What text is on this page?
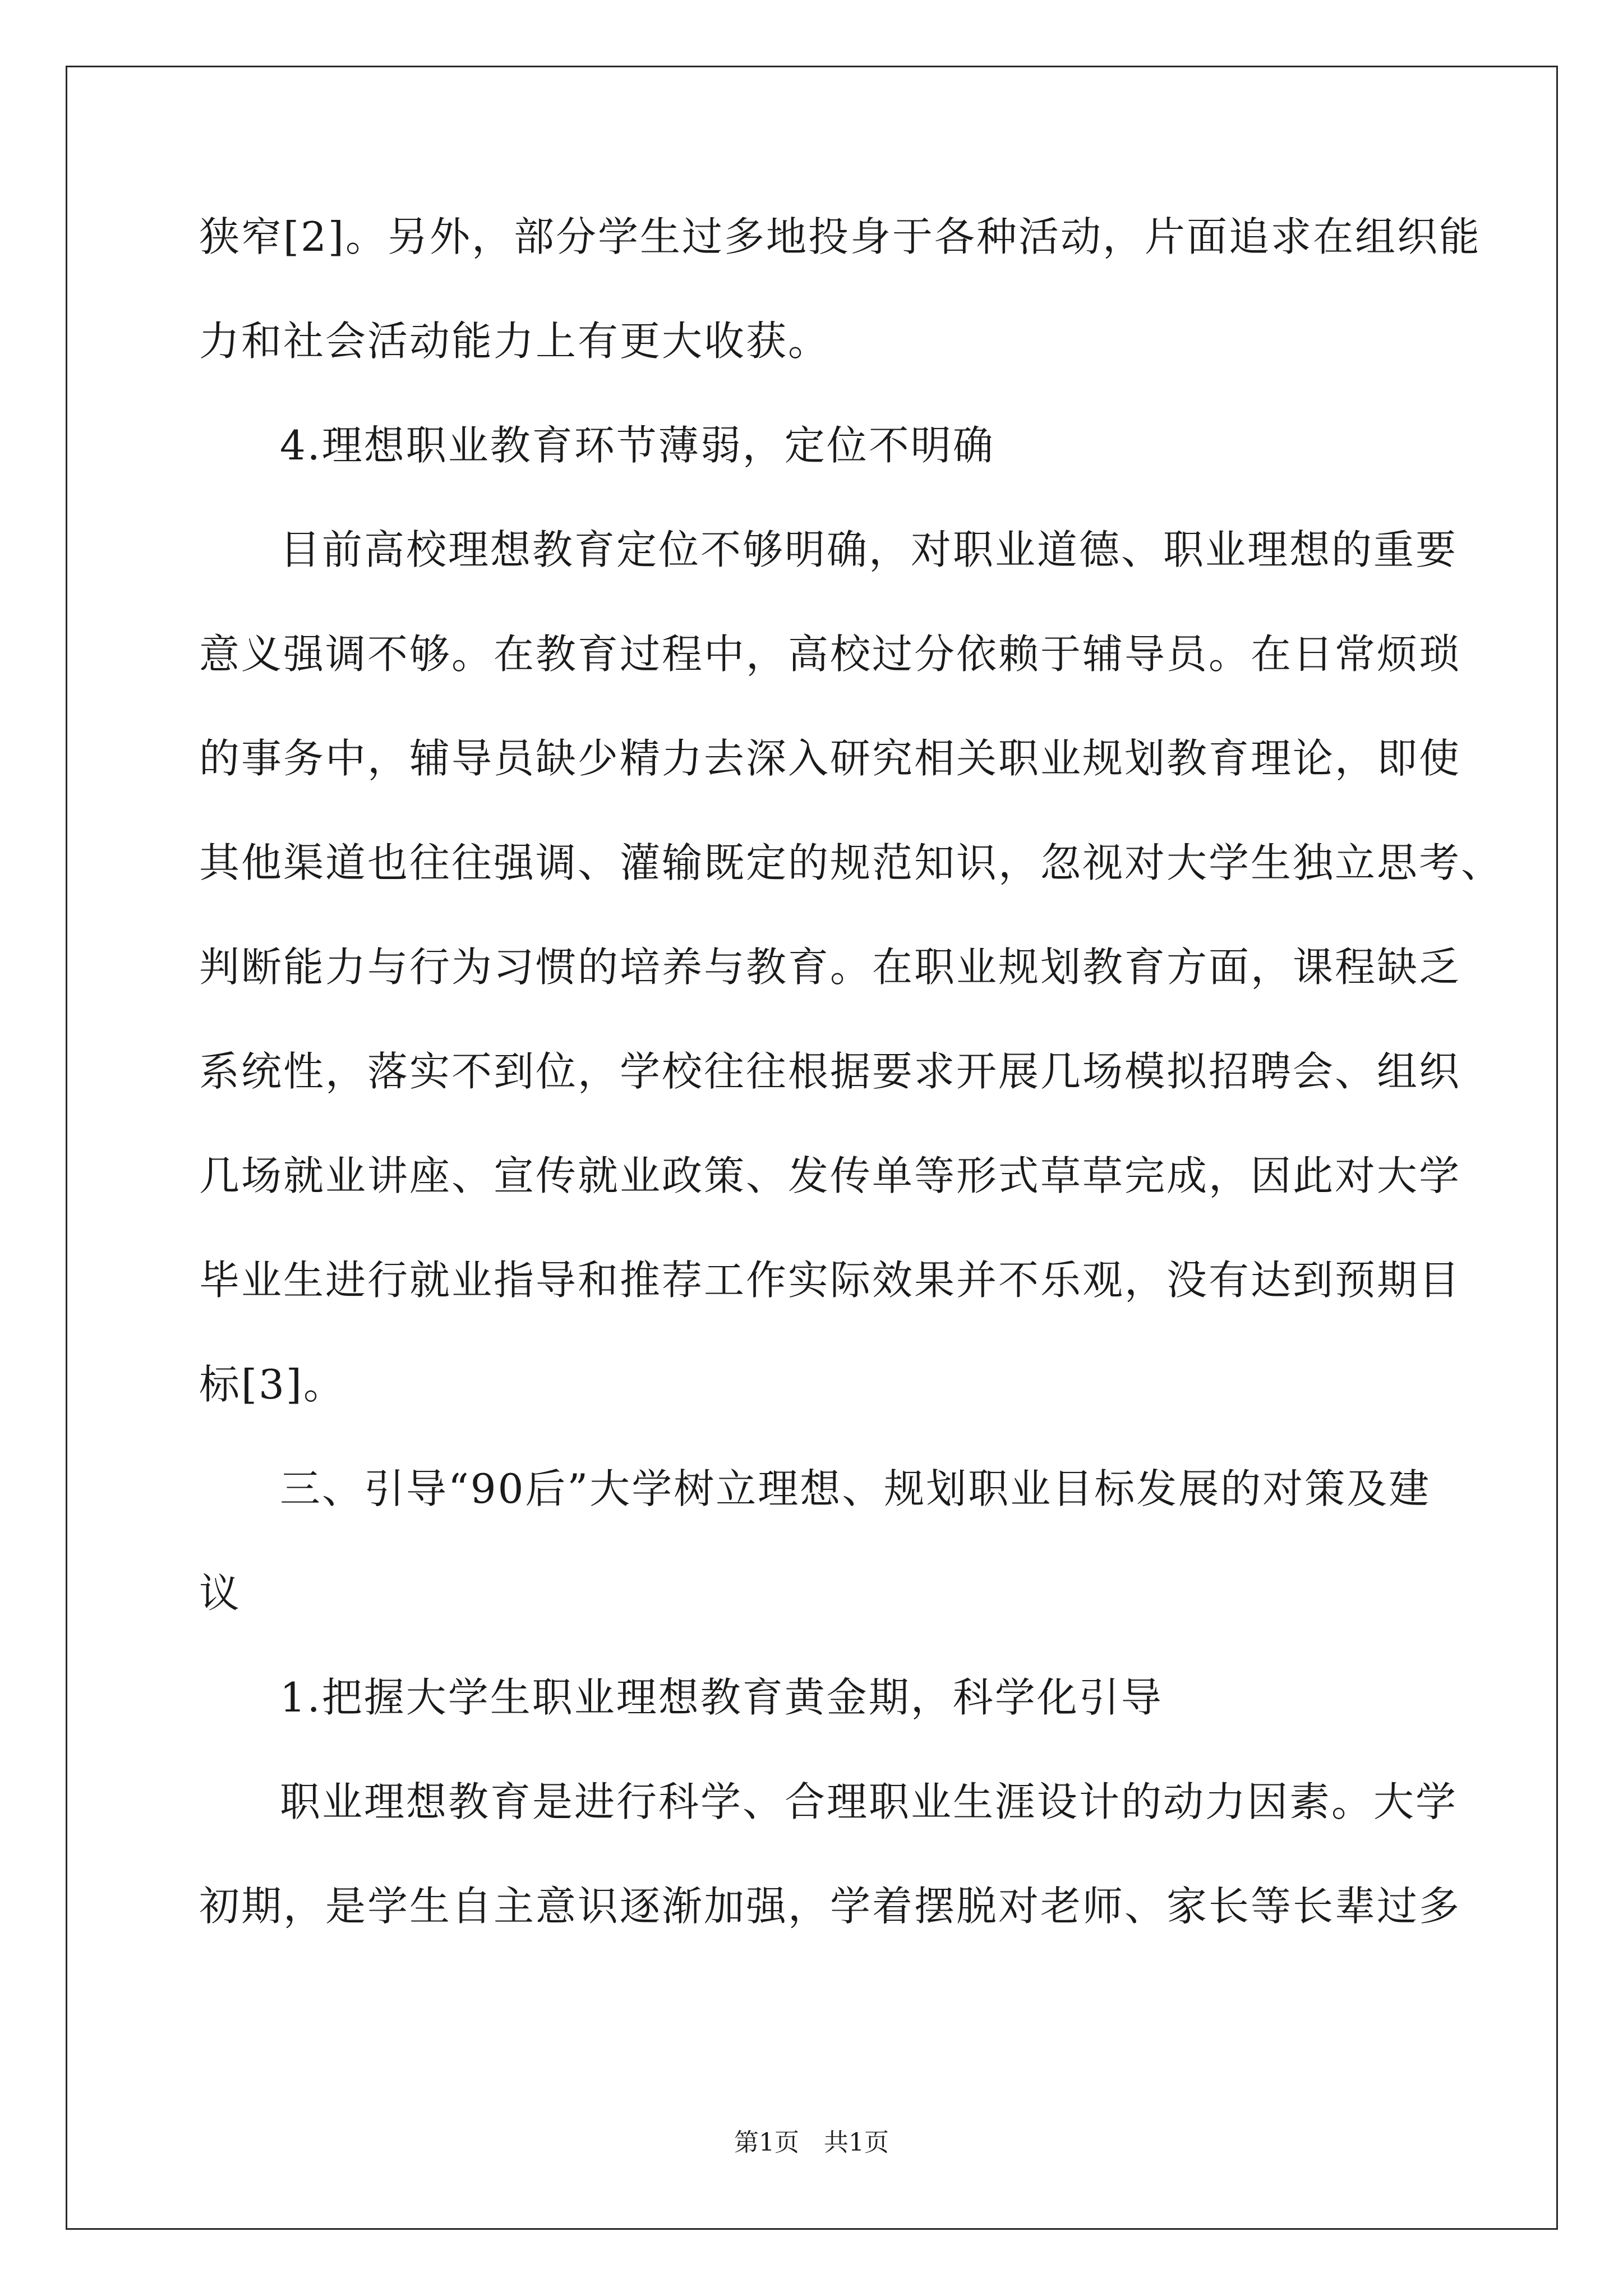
狭窄[2]。另外，部分学生过多地投身于各种活动，片面追求在组织能
力和社会活动能力上有更大收获。
4.理想职业教育环节薄弱，定位不明确
目前高校理想教育定位不够明确，对职业道德、职业理想的重要
意义强调不够。在教育过程中，高校过分依赖于辅导员。在日常烦琐
的事务中，辅导员缺少精力去深入研究相关职业规划教育理论，即使
其他渠道也往往强调、灌输既定的规范知识，忽视对大学生独立思考、
判断能力与行为习惯的培养与教育。在职业规划教育方面，课程缺乏
系统性，落实不到位，学校往往根据要求开展几场模拟招聘会、组织
几场就业讲座、宣传就业政策、发传单等形式草草完成，因此对大学
毕业生进行就业指导和推荐工作实际效果并不乐观，没有达到预期目
标[3]。
三、引导“90后”大学树立理想、规划职业目标发展的对策及建
议
1.把握大学生职业理想教育黄金期，科学化引导
职业理想教育是进行科学、合理职业生涯设计的动力因素。大学
初期，是学生自主意识逐渐加强，学着摆脱对老师、家长等长辈过多
第1页　共1页
